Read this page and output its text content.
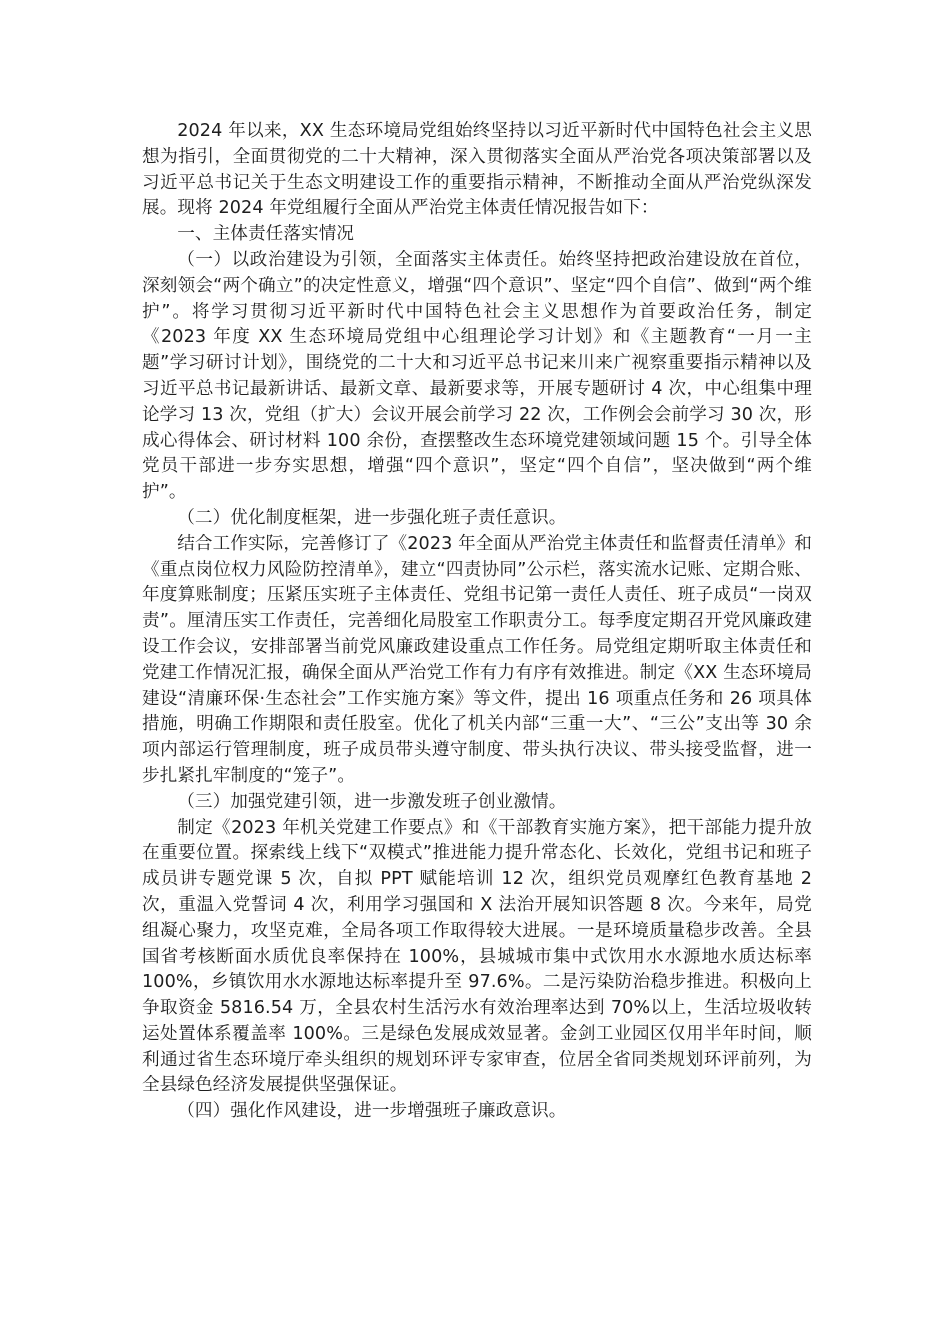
2024 年以来，XX 生态环境局党组始终坚持以习近平新时代中国特色社会主义思想为指引，全面贯彻党的二十大精神，深入贯彻落实全面从严治党各项决策部署以及习近平总书记关于生态文明建设工作的重要指示精神，不断推动全面从严治党纵深发展。现将 2024 年党组履行全面从严治党主体责任情况报告如下：

一、主体责任落实情况

（一）以政治建设为引领，全面落实主体责任。始终坚持把政治建设放在首位，深刻领会“两个确立”的决定性意义，增强“四个意识”、坚定“四个自信”、做到“两个维护”。将学习贯彻习近平新时代中国特色社会主义思想作为首要政治任务，制定《2023 年度 XX 生态环境局党组中心组理论学习计划》和《主题教育“一月一主题”学习研讨计划》，围绕党的二十大和习近平总书记来川来广视察重要指示精神以及习近平总书记最新讲话、最新文章、最新要求等，开展专题研讨 4 次，中心组集中理论学习 13 次，党组（扩大）会议开展会前学习 22 次，工作例会会前学习 30 次，形成心得体会、研讨材料 100 余份，查摆整改生态环境党建领域问题 15 个。引导全体党员干部进一步夯实思想，增强“四个意识”，坚定“四个自信”，坚决做到“两个维护”。

（二）优化制度框架，进一步强化班子责任意识。

结合工作实际，完善修订了《2023 年全面从严治党主体责任和监督责任清单》和《重点岗位权力风险防控清单》，建立“四责协同”公示栏，落实流水记账、定期合账、年度算账制度；压紧压实班子主体责任、党组书记第一责任人责任、班子成员“一岗双责”。厘清压实工作责任，完善细化局股室工作职责分工。每季度定期召开党风廉政建设工作会议，安排部署当前党风廉政建设重点工作任务。局党组定期听取主体责任和党建工作情况汇报，确保全面从严治党工作有力有序有效推进。制定《XX 生态环境局建设“清廉环保·生态社会”工作实施方案》等文件，提出 16 项重点任务和 26 项具体措施，明确工作期限和责任股室。优化了机关内部“三重一大”、“三公”支出等 30 余项内部运行管理制度，班子成员带头遵守制度、带头执行决议、带头接受监督，进一步扎紧扎牢制度的“笼子”。

（三）加强党建引领，进一步激发班子创业激情。

制定《2023 年机关党建工作要点》和《干部教育实施方案》，把干部能力提升放在重要位置。探索线上线下“双模式”推进能力提升常态化、长效化，党组书记和班子成员讲专题党课 5 次，自拟 PPT 赋能培训 12 次，组织党员观摩红色教育基地 2 次，重温入党誓词 4 次，利用学习强国和 X 法治开展知识答题 8 次。今来年，局党组凝心聚力，攻坚克难，全局各项工作取得较大进展。一是环境质量稳步改善。全县国省考核断面水质优良率保持在 100%，县城城市集中式饮用水水源地水质达标率 100%，乡镇饮用水水源地达标率提升至 97.6%。二是污染防治稳步推进。积极向上争取资金 5816.54 万，全县农村生活污水有效治理率达到 70%以上，生活垃圾收转运处置体系覆盖率 100%。三是绿色发展成效显著。金剑工业园区仅用半年时间，顺利通过省生态环境厅牵头组织的规划环评专家审查，位居全省同类规划环评前列，为全县绿色经济发展提供坚强保证。

（四）强化作风建设，进一步增强班子廉政意识。
